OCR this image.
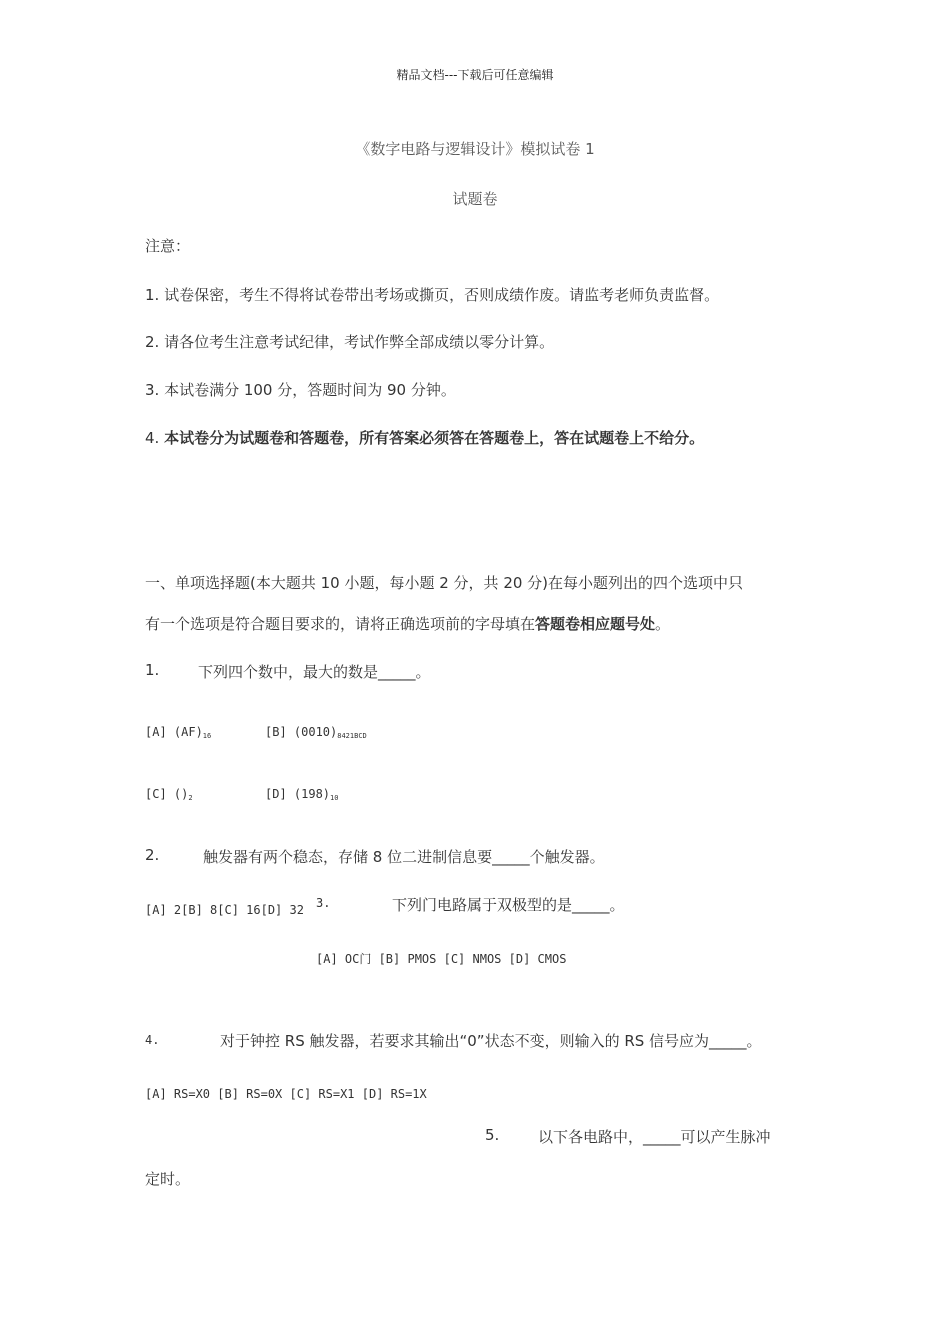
精品文档---下载后可任意编辑
《数字电路与逻辑设计》模拟试卷 1
试题卷
注意：
1. 试卷保密，考生不得将试卷带出考场或撕页，否则成绩作废。请监考老师负责监督。
2. 请各位考生注意考试纪律，考试作弊全部成绩以零分计算。
3. 本试卷满分 100 分，答题时间为 90 分钟。
4. 本试卷分为试题卷和答题卷，所有答案必须答在答题卷上，答在试题卷上不给分。
一、单项选择题(本大题共 10 小题，每小题 2 分，共 20 分)在每小题列出的四个选项中只
有一个选项是符合题目要求的，请将正确选项前的字母填在答题卷相应题号处。
1.	下列四个数中，最大的数是_____。
[A] $(AF)_{16}$	[B] $(0010)_{8421BCD}$
[C] $()_2$	[D] $(198)_{10}$
2.	触发器有两个稳态，存储 8 位二进制信息要_____个触发器。
[A] 2[B] 8[C] 16[D] 32 3.	下列门电路属于双极型的是_____。
[A] OC门 [B] PMOS [C] NMOS [D] CMOS
4.	对于钟控 RS 触发器，若要求其输出“0”状态不变，则输入的 RS 信号应为_____。
[A] RS=X0 [B] RS=0X [C] RS=X1 [D] RS=1X
5.	以下各电路中，_____可以产生脉冲
定时。
